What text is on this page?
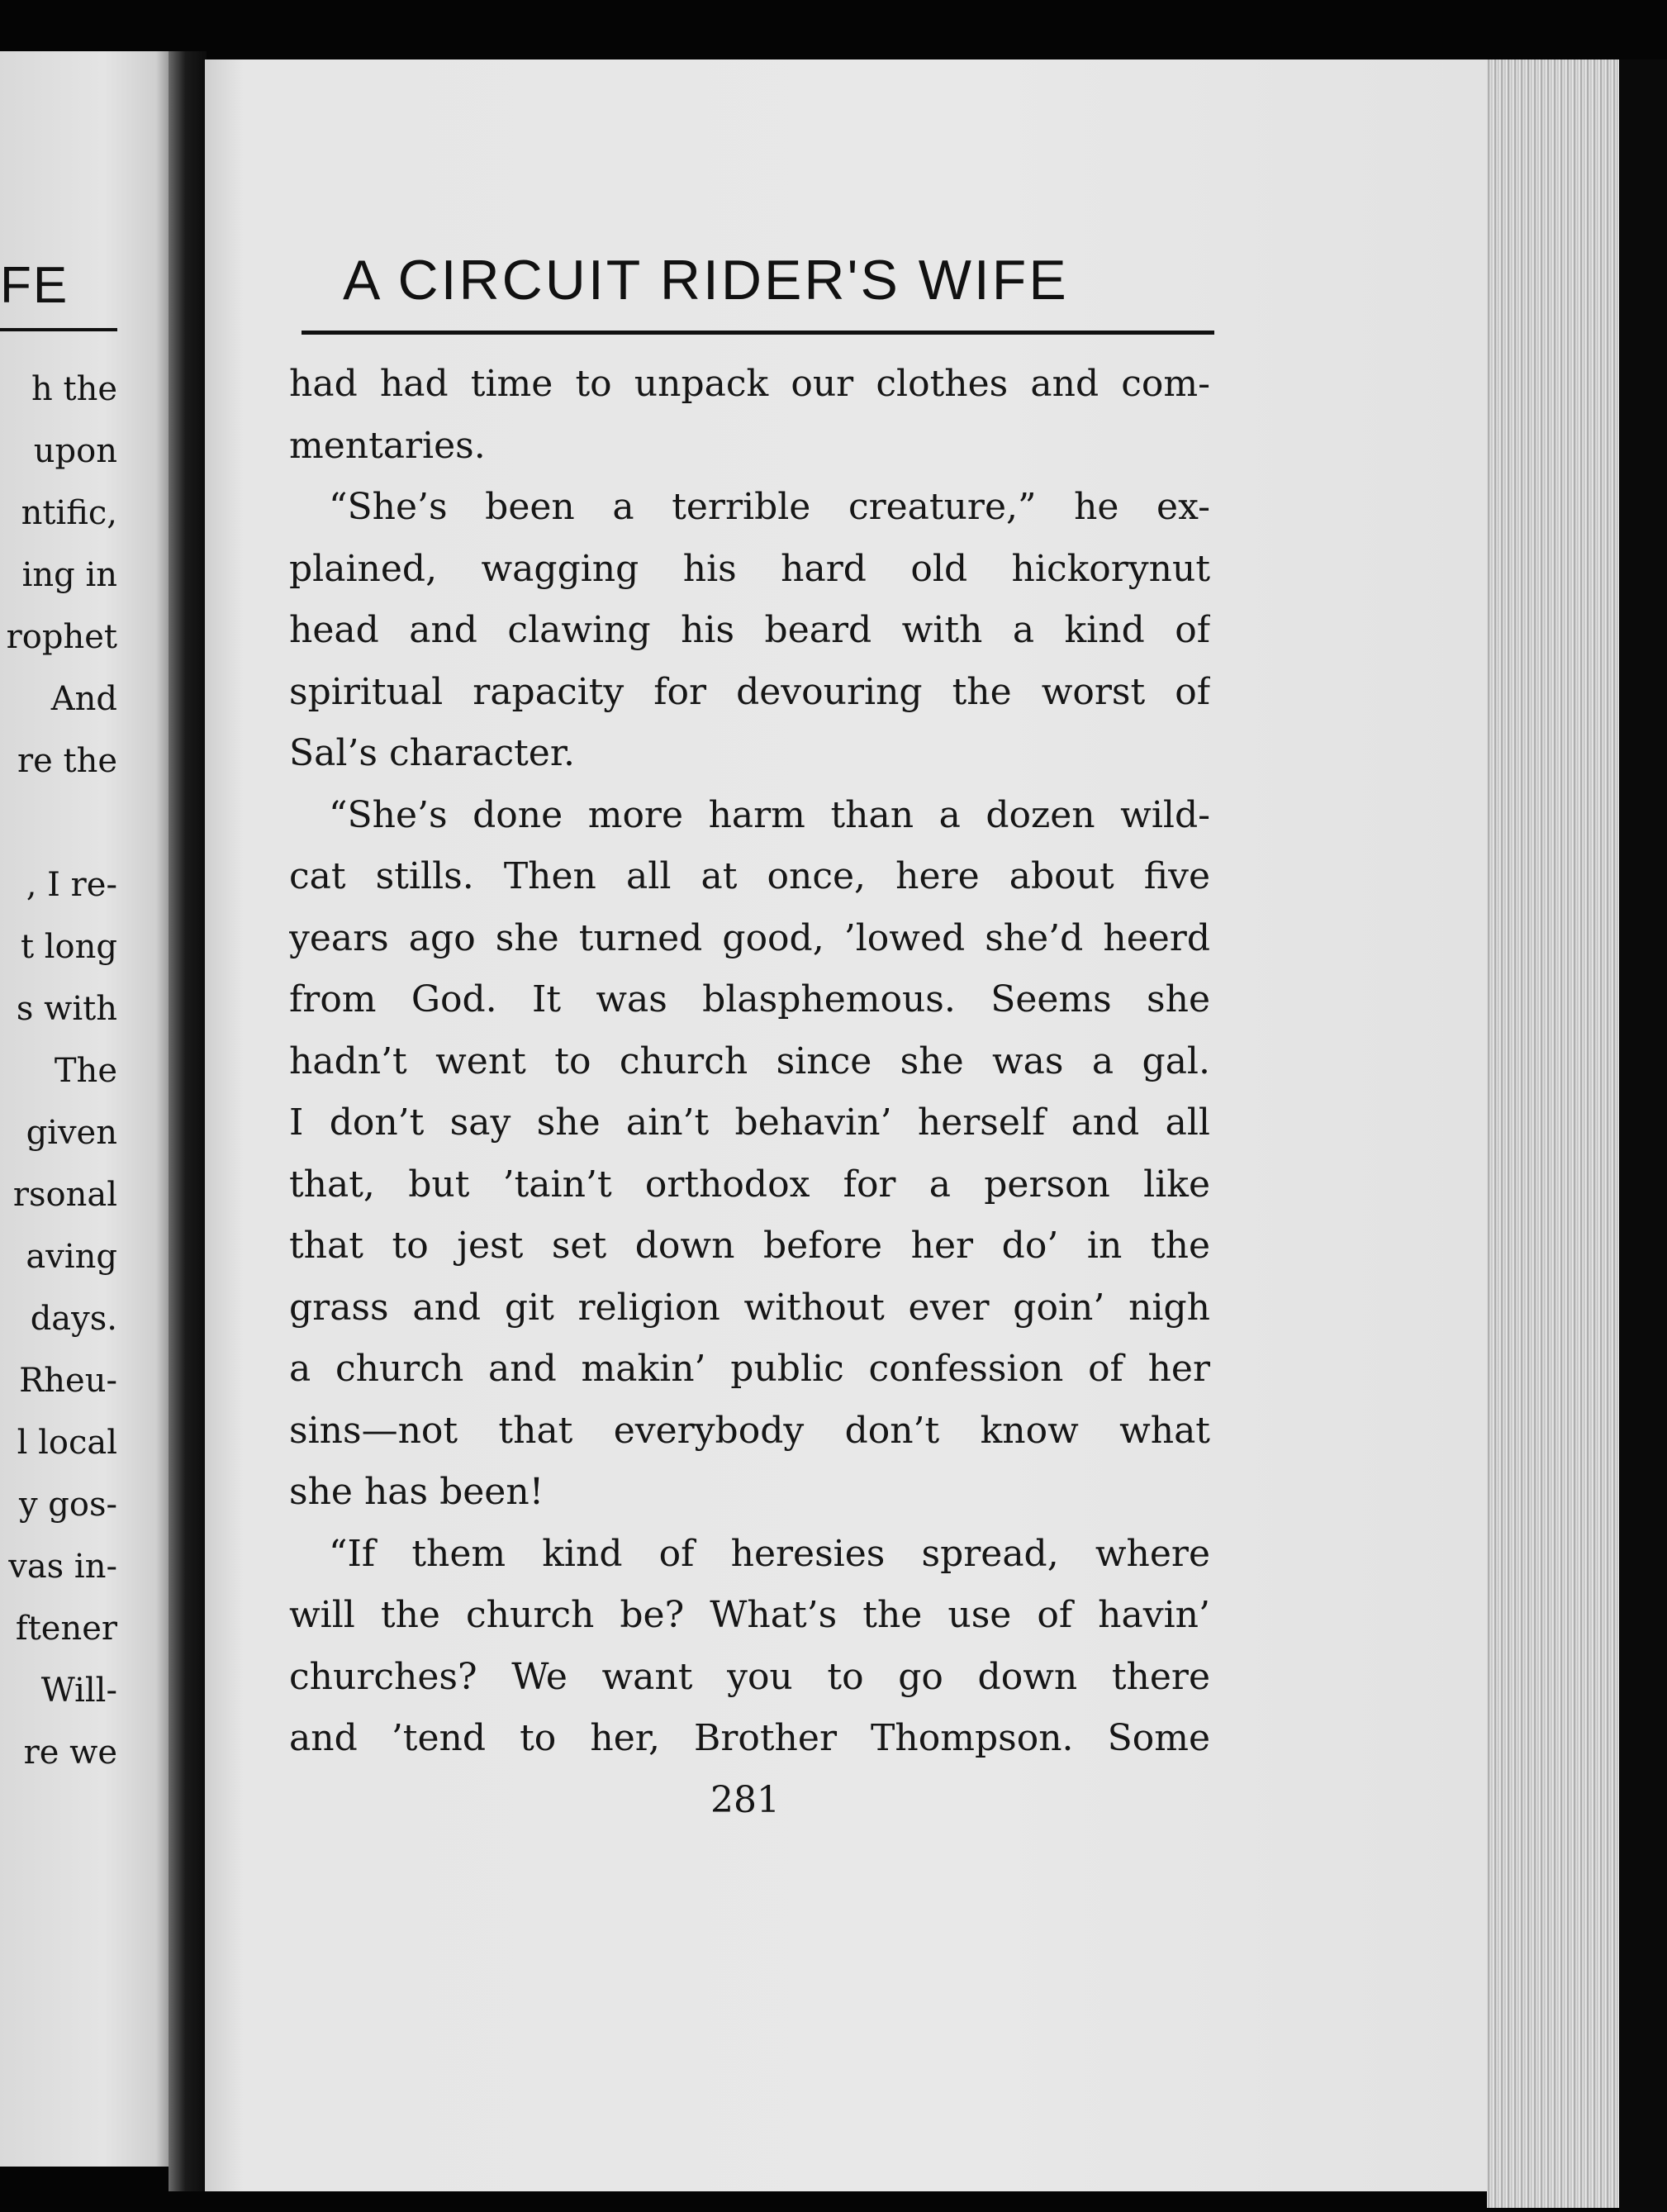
FE
h the
upon
ntific,
ing in
rophet
And
re the
, I re-
t long
s with
The
given
rsonal
aving
days.
Rheu-
l local
y gos-
vas in-
ftener
Will-
re we
A CIRCUIT RIDER'S WIFE
had had time to unpack our clothes and com-
mentaries.
“She’s been a terrible creature,” he ex-
plained, wagging his hard old hickorynut
head and clawing his beard with a kind of
spiritual rapacity for devouring the worst of
Sal’s character.
“She’s done more harm than a dozen wild-
cat stills. Then all at once, here about five
years ago she turned good, ’lowed she’d heerd
from God. It was blasphemous. Seems she
hadn’t went to church since she was a gal.
I don’t say she ain’t behavin’ herself and all
that, but ’tain’t orthodox for a person like
that to jest set down before her do’ in the
grass and git religion without ever goin’ nigh
a church and makin’ public confession of her
sins—not that everybody don’t know what
she has been!
“If them kind of heresies spread, where
will the church be? What’s the use of havin’
churches? We want you to go down there
and ’tend to her, Brother Thompson. Some
281
